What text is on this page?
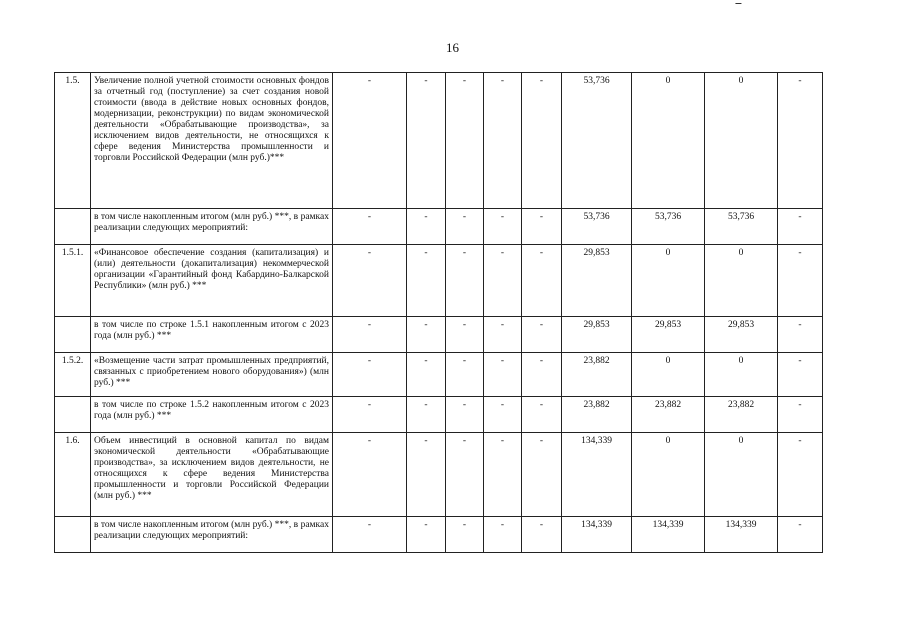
16
1.5.	Увеличение полной учетной стоимости основных фондов за отчетный год (поступление) за счет создания новой стоимости (ввода в действие новых основных фондов, модернизации, реконструкции) по видам экономической деятельности «Обрабатывающие производства», за исключением видов деятельности, не относящихся к сфере ведения Министерства промышленности и торговли Российской Федерации (млн руб.)***	-	-	-	-	-	53,736	0	0	-
	в том числе накопленным итогом (млн руб.) ***, в рамках реализации следующих мероприятий:	-	-	-	-	-	53,736	53,736	53,736	-
1.5.1.	«Финансовое обеспечение создания (капитализация) и (или) деятельности (докапитализация) некоммерческой организации «Гарантийный фонд Кабардино-Балкарской Республики» (млн руб.) ***	-	-	-	-	-	29,853	0	0	-
	в том числе по строке 1.5.1 накопленным итогом с 2023 года (млн руб.) ***	-	-	-	-	-	29,853	29,853	29,853	-
1.5.2.	«Возмещение части затрат промышленных предприятий, связанных с приобретением нового оборудования») (млн руб.) ***	-	-	-	-	-	23,882	0	0	-
	в том числе по строке 1.5.2 накопленным итогом с 2023 года (млн руб.) ***	-	-	-	-	-	23,882	23,882	23,882	-
1.6.	Объем инвестиций в основной капитал по видам экономической деятельности «Обрабатывающие производства», за исключением видов деятельности, не относящихся к сфере ведения Министерства промышленности и торговли Российской Федерации (млн руб.) ***	-	-	-	-	-	134,339	0	0	-
	в том числе накопленным итогом (млн руб.) ***, в рамках реализации следующих мероприятий:	-	-	-	-	-	134,339	134,339	134,339	-
